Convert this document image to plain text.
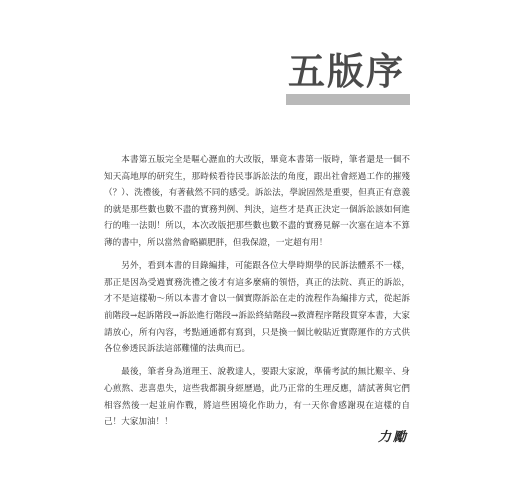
五版序

本書第五版完全是嘔心瀝血的大改版，畢竟本書第一版時，筆者還是一個不知天高地厚的研究生，那時候看待民事訴訟法的角度，跟出社會經過工作的摧殘（？）、洗禮後，有著截然不同的感受。訴訟法，學說固然是重要，但真正有意義的就是那些數也數不盡的實務判例、判決，這些才是真正決定一個訴訟該如何進行的唯一法則！所以，本次改版把那些數也數不盡的實務見解一次塞在這本不算薄的書中，所以當然會略顯肥胖，但我保證，一定超有用！

另外，看到本書的目錄編排，可能跟各位大學時期學的民訴法體系不一樣，那正是因為受過實務洗禮之後才有這多麼痛的領悟，真正的法院、真正的訴訟，才不是這樣勒～所以本書才會以一個實際訴訟在走的流程作為編排方式，從起訴前階段→起訴階段→訴訟進行階段→訴訟終結階段→救濟程序階段貫穿本書，大家請放心，所有內容，考點通通都有寫到，只是換一個比較貼近實際運作的方式供各位參透民訴法這部難懂的法典而已。

最後，筆者身為道理王、說教達人，要跟大家說，準備考試的無比艱辛、身心煎熬、悲喜患失，這些我都親身經歷過，此乃正常的生理反應，請試著與它們相容然後一起並肩作戰，將這些困境化作助力，有一天你會感謝現在這樣的自己！大家加油！！

力勵
